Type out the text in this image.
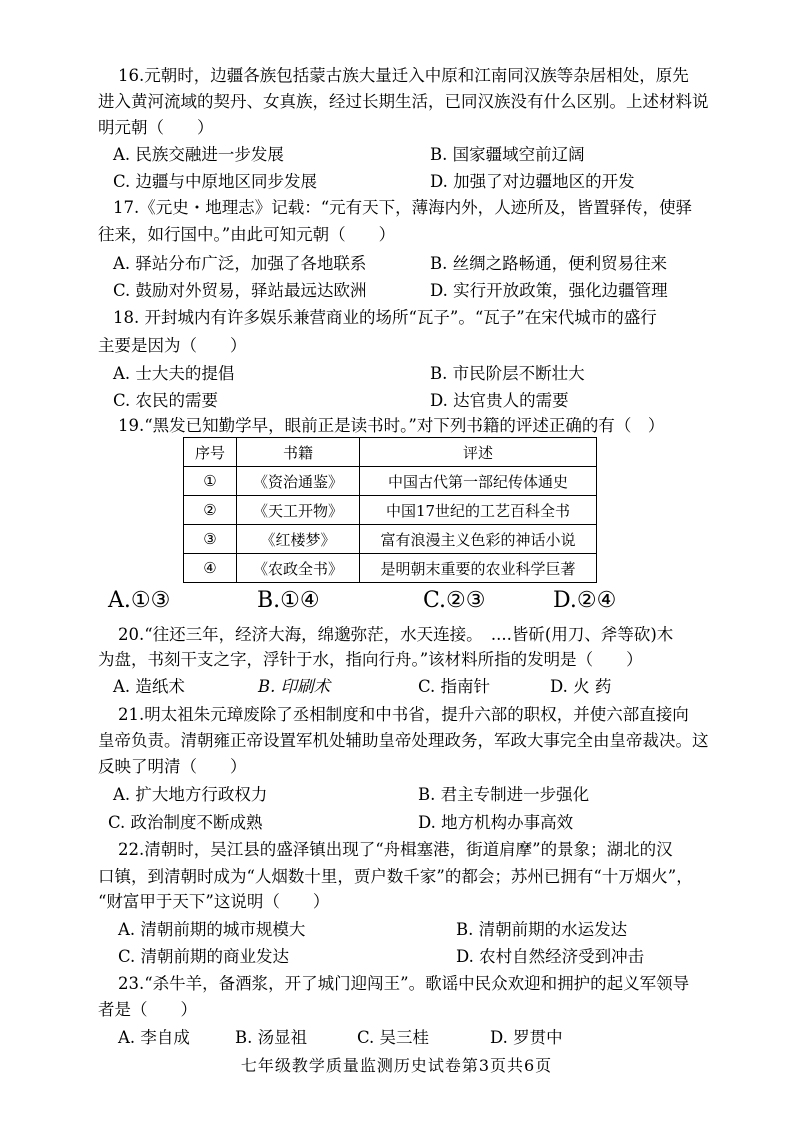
16.元朝时，边疆各族包括蒙古族大量迁入中原和江南同汉族等杂居相处，原先
进入黄河流域的契丹、女真族，经过长期生活，已同汉族没有什么区别。上述材料说
明元朝（　　）
A. 民族交融进一步发展	B. 国家疆域空前辽阔
C. 边疆与中原地区同步发展	D. 加强了对边疆地区的开发
17.《元史・地理志》记载：“元有天下，薄海内外，人迹所及，皆置驿传，使驿
往来，如行国中。”由此可知元朝（　　）
A. 驿站分布广泛，加强了各地联系	B. 丝绸之路畅通，便利贸易往来
C. 鼓励对外贸易，驿站最远达欧洲	D. 实行开放政策，强化边疆管理
18. 开封城内有许多娱乐兼营商业的场所“瓦子”。“瓦子”在宋代城市的盛行
主要是因为（　　）
A. 士大夫的提倡	B. 市民阶层不断壮大
C. 农民的需要	D. 达官贵人的需要
19.“黑发已知勤学早，眼前正是读书时。”对下列书籍的评述正确的有（　）
序号	书籍	评述
①	《资治通鉴》	中国古代第一部纪传体通史
②	《天工开物》	中国17世纪的工艺百科全书
③	《红楼梦》	富有浪漫主义色彩的神话小说
④	《农政全书》	是明朝末重要的农业科学巨著
A.①③	B.①④	C.②③	D.②④
20.“往还三年，经济大海，绵邈弥茫，水天连接。　....皆斫(用刀、斧等砍)木
为盘，书刻干支之字，浮针于水，指向行舟。”该材料所指的发明是（　　）
A. 造纸术	B. 印刷术	C. 指南针	D. 火 药
21.明太祖朱元璋废除了丞相制度和中书省，提升六部的职权，并使六部直接向
皇帝负责。清朝雍正帝设置军机处辅助皇帝处理政务，军政大事完全由皇帝裁决。这
反映了明清（　　）
A. 扩大地方行政权力	B. 君主专制进一步强化
C. 政治制度不断成熟	D. 地方机构办事高效
22.清朝时，吴江县的盛泽镇出现了“舟楫塞港，街道肩摩”的景象；湖北的汉
口镇，到清朝时成为“人烟数十里，贾户数千家”的都会；苏州已拥有“十万烟火”，
“财富甲于天下”这说明（　　）
A. 清朝前期的城市规模大	B. 清朝前期的水运发达
C. 清朝前期的商业发达	D. 农村自然经济受到冲击
23.“杀牛羊，备酒浆，开了城门迎闯王”。歌谣中民众欢迎和拥护的起义军领导
者是（　　）
A. 李自成	B. 汤显祖	C. 吴三桂	D. 罗贯中
七年级教学质量监测历史试卷第3页共6页
